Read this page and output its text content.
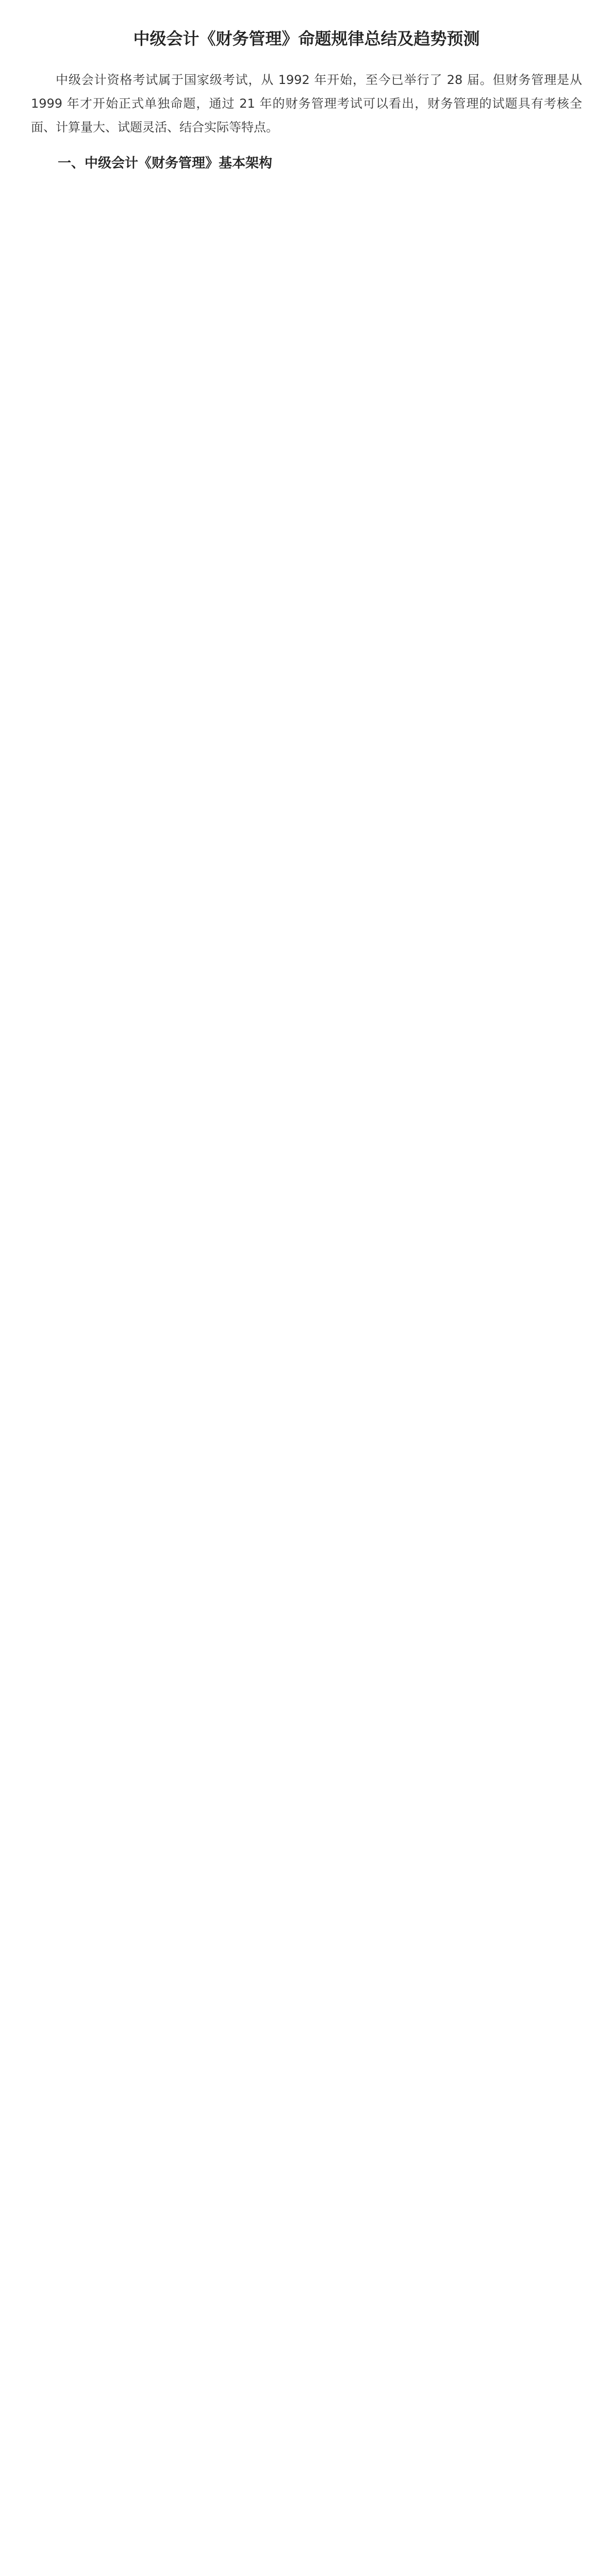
中级会计《财务管理》命题规律总结及趋势预测

中级会计资格考试属于国家级考试，从 1992 年开始，至今已举行了 28 届。但财务管理是从 1999 年才开始正式单独命题，通过 21 年的财务管理考试可以看出，财务管理的试题具有考核全面、计算量大、试题灵活、结合实际等特点。

一、中级会计《财务管理》基本架构
